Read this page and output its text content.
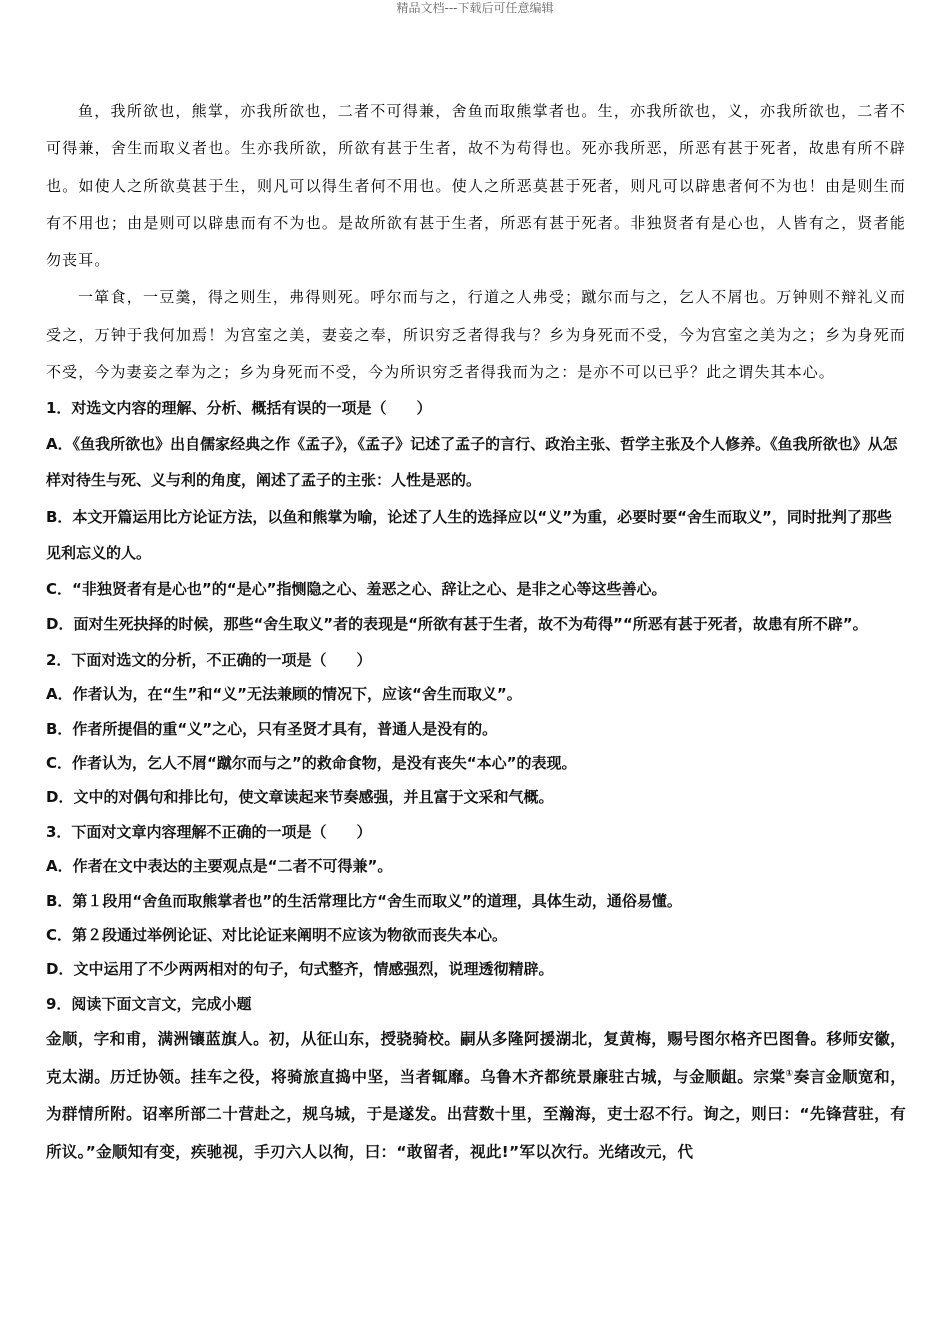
精品文档---下载后可任意编辑

鱼，我所欲也，熊掌，亦我所欲也，二者不可得兼，舍鱼而取熊掌者也。生，亦我所欲也，义，亦我所欲也，二者不可得兼，舍生而取义者也。生亦我所欲，所欲有甚于生者，故不为苟得也。死亦我所恶，所恶有甚于死者，故患有所不辟也。如使人之所欲莫甚于生，则凡可以得生者何不用也。使人之所恶莫甚于死者，则凡可以辟患者何不为也！由是则生而有不用也；由是则可以辟患而有不为也。是故所欲有甚于生者，所恶有甚于死者。非独贤者有是心也，人皆有之，贤者能勿丧耳。

一箪食，一豆羹，得之则生，弗得则死。呼尔而与之，行道之人弗受；蹴尔而与之，乞人不屑也。万钟则不辩礼义而受之，万钟于我何加焉！为宫室之美，妻妾之奉，所识穷乏者得我与？乡为身死而不受，今为宫室之美为之；乡为身死而不受，今为妻妾之奉为之；乡为身死而不受，今为所识穷乏者得我而为之：是亦不可以已乎？此之谓失其本心。

1．对选文内容的理解、分析、概括有误的一项是（　　）
A．《鱼我所欲也》出自儒家经典之作《孟子》，《孟子》记述了孟子的言行、政治主张、哲学主张及个人修养。《鱼我所欲也》从怎样对待生与死、义与利的角度，阐述了孟子的主张：人性是恶的。
B．本文开篇运用比方论证方法，以鱼和熊掌为喻，论述了人生的选择应以“义”为重，必要时要“舍生而取义”，同时批判了那些见利忘义的人。
C．“非独贤者有是心也”的“是心”指恻隐之心、羞恶之心、辞让之心、是非之心等这些善心。
D．面对生死抉择的时候，那些“舍生取义”者的表现是“所欲有甚于生者，故不为苟得”“所恶有甚于死者，故患有所不辟”。
2．下面对选文的分析，不正确的一项是（　　）
A．作者认为，在“生”和“义”无法兼顾的情况下，应该“舍生而取义”。
B．作者所提倡的重“义”之心，只有圣贤才具有，普通人是没有的。
C．作者认为，乞人不屑“蹴尔而与之”的救命食物，是没有丧失“本心”的表现。
D．文中的对偶句和排比句，使文章读起来节奏感强，并且富于文采和气概。
3．下面对文章内容理解不正确的一项是（　　）
A．作者在文中表达的主要观点是“二者不可得兼”。
B．第１段用“舍鱼而取熊掌者也”的生活常理比方“舍生而取义”的道理，具体生动，通俗易懂。
C．第２段通过举例论证、对比论证来阐明不应该为物欲而丧失本心。
D．文中运用了不少两两相对的句子，句式整齐，情感强烈，说理透彻精辟。
9．阅读下面文言文，完成小题
金顺，字和甫，满洲镶蓝旗人。初，从征山东，授骁骑校。嗣从多隆阿援湖北，复黄梅，赐号图尔格齐巴图鲁。移师安徽，克太湖。历迁协领。挂车之役，将骑旅直捣中坚，当者辄靡。乌鲁木齐都统景廉驻古城，与金顺龃。宗棠①奏言金顺宽和，为群情所附。诏率所部二十营赴之，规乌城，于是遂发。出营数十里，至瀚海，吏士忍不行。询之，则曰：“先锋营驻，有所议。”金顺知有变，疾驰视，手刃六人以徇，曰：“敢留者，视此!”军以次行。光绪改元，代
